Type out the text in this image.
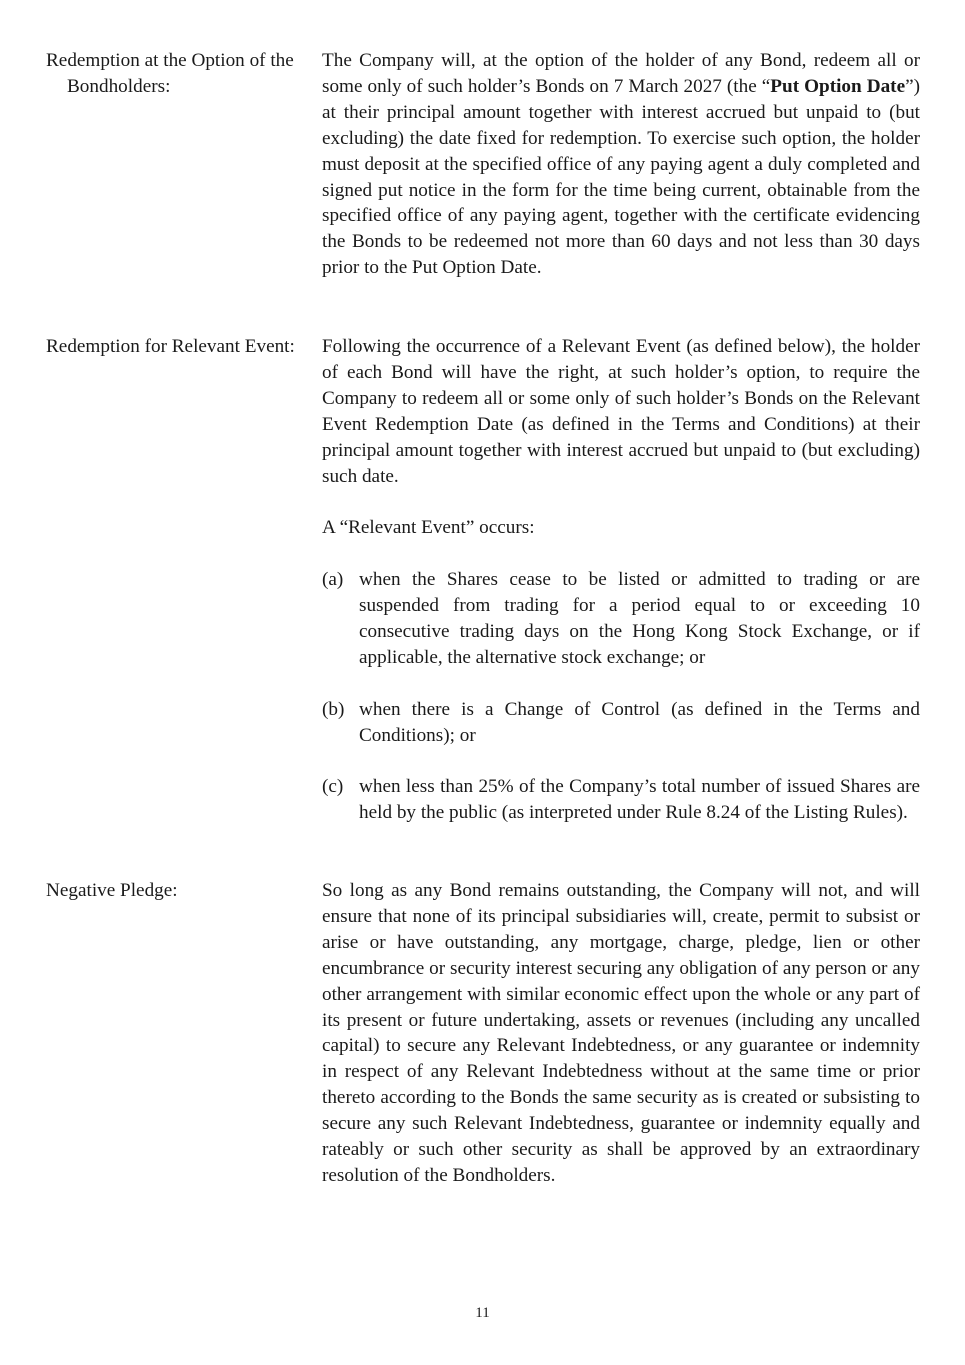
Redemption at the Option of the Bondholders:

The Company will, at the option of the holder of any Bond, redeem all or some only of such holder’s Bonds on 7 March 2027 (the “Put Option Date”) at their principal amount together with interest accrued but unpaid to (but excluding) the date fixed for redemption. To exercise such option, the holder must deposit at the specified office of any paying agent a duly completed and signed put notice in the form for the time being current, obtainable from the specified office of any paying agent, together with the certificate evidencing the Bonds to be redeemed not more than 60 days and not less than 30 days prior to the Put Option Date.

Redemption for Relevant Event: Following the occurrence of a Relevant Event (as defined below), the holder of each Bond will have the right, at such holder’s option, to require the Company to redeem all or some only of such holder’s Bonds on the Relevant Event Redemption Date (as defined in the Terms and Conditions) at their principal amount together with interest accrued but unpaid to (but excluding) such date.

A “Relevant Event” occurs:

(a) when the Shares cease to be listed or admitted to trading or are suspended from trading for a period equal to or exceeding 10 consecutive trading days on the Hong Kong Stock Exchange, or if applicable, the alternative stock exchange; or
(b) when there is a Change of Control (as defined in the Terms and Conditions); or
(c) when less than 25% of the Company’s total number of issued Shares are held by the public (as interpreted under Rule 8.24 of the Listing Rules).
Negative Pledge:	So long as any Bond remains outstanding, the Company will not, and will ensure that none of its principal subsidiaries will, create, permit to subsist or arise or have outstanding, any mortgage, charge, pledge, lien or other encumbrance or security interest securing any obligation of any person or any other arrangement with similar economic effect upon the whole or any part of its present or future undertaking, assets or revenues (including any uncalled capital) to secure any Relevant Indebtedness, or any guarantee or indemnity in respect of any Relevant Indebtedness without at the same time or prior thereto according to the Bonds the same security as is created or subsisting to secure any such Relevant Indebtedness, guarantee or indemnity equally and rateably or such other security as shall be approved by an extraordinary resolution of the Bondholders.

11
